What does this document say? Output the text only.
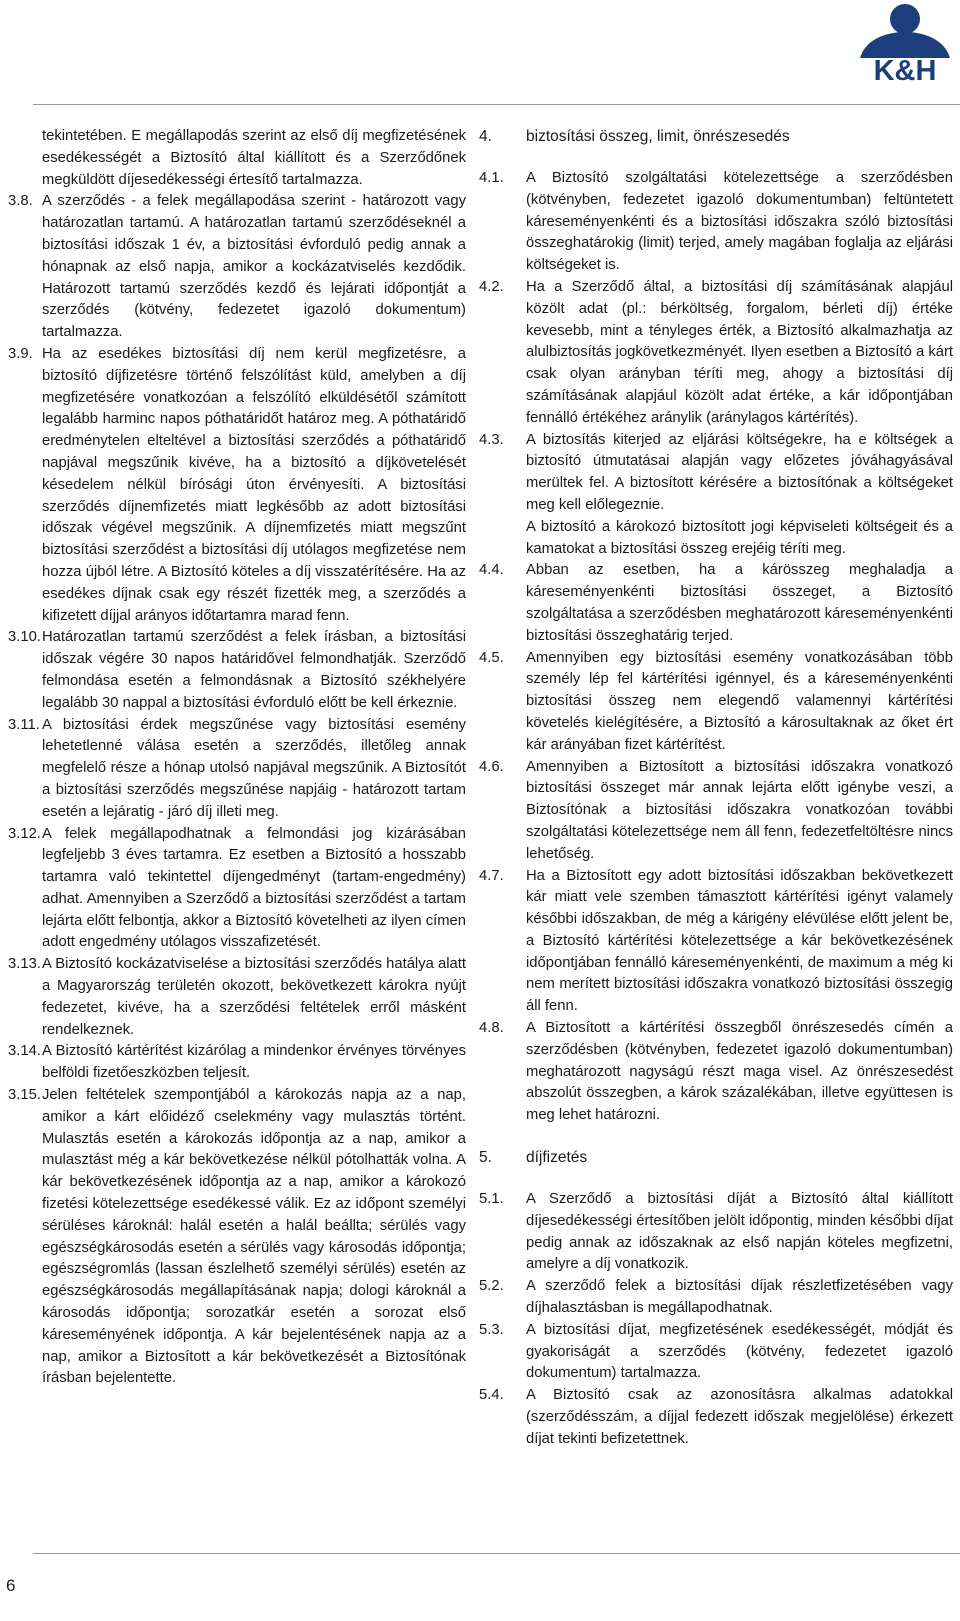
K&H
tekintetében. E megállapodás szerint az első díj megfizetésének esedékességét a Biztosító által kiállított és a Szerződőnek megküldött díjesedékességi értesítő tartalmazza.
3.8. A szerződés - a felek megállapodása szerint - határozott vagy határozatlan tartamú. A határozatlan tartamú szerződéseknél a biztosítási időszak 1 év, a biztosítási évforduló pedig annak a hónapnak az első napja, amikor a kockázatviselés kezdődik. Határozott tartamú szerződés kezdő és lejárati időpontját a szerződés (kötvény, fedezetet igazoló dokumentum) tartalmazza.
3.9. Ha az esedékes biztosítási díj nem kerül megfizetésre, a biztosító díjfizetésre történő felszólítást küld, amelyben a díj megfizetésére vonatkozóan a felszólító elküldésétől számított legalább harminc napos póthatáridőt határoz meg. A póthatáridő eredménytelen elteltével a biztosítási szerződés a póthatáridő napjával megszűnik kivéve, ha a biztosító a díjkövetelését késedelem nélkül bírósági úton érvényesíti. A biztosítási szerződés díjnemfizetés miatt legkésőbb az adott biztosítási időszak végével megszűnik. A díjnemfizetés miatt megszűnt biztosítási szerződést a biztosítási díj utólagos megfizetése nem hozza újból létre. A Biztosító köteles a díj visszatérítésére. Ha az esedékes díjnak csak egy részét fizették meg, a szerződés a kifizetett díjjal arányos időtartamra marad fenn.
3.10. Határozatlan tartamú szerződést a felek írásban, a biztosítási időszak végére 30 napos határidővel felmondhatják. Szerződő felmondása esetén a felmondásnak a Biztosító székhelyére legalább 30 nappal a biztosítási évforduló előtt be kell érkeznie.
3.11. A biztosítási érdek megszűnése vagy biztosítási esemény lehetetlenné válása esetén a szerződés, illetőleg annak megfelelő része a hónap utolsó napjával megszűnik. A Biztosítót a biztosítási szerződés megszűnése napjáig - határozott tartam esetén a lejáratig - járó díj illeti meg.
3.12. A felek megállapodhatnak a felmondási jog kizárásában legfeljebb 3 éves tartamra. Ez esetben a Biztosító a hosszabb tartamra való tekintettel díjengedményt (tartam-engedmény) adhat. Amennyiben a Szerződő a biztosítási szerződést a tartam lejárta előtt felbontja, akkor a Biztosító követelheti az ilyen címen adott engedmény utólagos visszafizetését.
3.13. A Biztosító kockázatviselése a biztosítási szerződés hatálya alatt a Magyarország területén okozott, bekövetkezett károkra nyújt fedezetet, kivéve, ha a szerződési feltételek erről másként rendelkeznek.
3.14. A Biztosító kártérítést kizárólag a mindenkor érvényes törvényes belföldi fizetőeszközben teljesít.
3.15. Jelen feltételek szempontjából a károkozás napja az a nap, amikor a kárt előidéző cselekmény vagy mulasztás történt. Mulasztás esetén a károkozás időpontja az a nap, amikor a mulasztást még a kár bekövetkezése nélkül pótolhatták volna. A kár bekövetkezésének időpontja az a nap, amikor a károkozó fizetési kötelezettsége esedékessé válik. Ez az időpont személyi sérüléses károknál: halál esetén a halál beállta; sérülés vagy egészségkárosodás esetén a sérülés vagy károsodás időpontja; egészségromlás (lassan észlelhető személyi sérülés) esetén az egészségkárosodás megállapításának napja; dologi károknál a károsodás időpontja; sorozatkár esetén a sorozat első káreseményének időpontja. A kár bejelentésének napja az a nap, amikor a Biztosított a kár bekövetkezését a Biztosítónak írásban bejelentette.
4. biztosítási összeg, limit, önrészesedés
4.1. A Biztosító szolgáltatási kötelezettsége a szerződésben (kötvényben, fedezetet igazoló dokumentumban) feltüntetett káreseményenkénti és a biztosítási időszakra szóló biztosítási összeghatárokig (limit) terjed, amely magában foglalja az eljárási költségeket is.
4.2. Ha a Szerződő által, a biztosítási díj számításának alapjául közölt adat (pl.: bérköltség, forgalom, bérleti díj) értéke kevesebb, mint a tényleges érték, a Biztosító alkalmazhatja az alulbiztosítás jogkövetkezményét. Ilyen esetben a Biztosító a kárt csak olyan arányban téríti meg, ahogy a biztosítási díj számításának alapjául közölt adat értéke, a kár időpontjában fennálló értékéhez aránylik (aránylagos kártérítés).
4.3. A biztosítás kiterjed az eljárási költségekre, ha e költségek a biztosító útmutatásai alapján vagy előzetes jóváhagyásával merültek fel. A biztosított kérésére a biztosítónak a költségeket meg kell előlegeznie.
A biztosító a károkozó biztosított jogi képviseleti költségeit és a kamatokat a biztosítási összeg erejéig téríti meg.
4.4. Abban az esetben, ha a kárösszeg meghaladja a káreseményenkénti biztosítási összeget, a Biztosító szolgáltatása a szerződésben meghatározott káreseményenkénti biztosítási összeghatárig terjed.
4.5. Amennyiben egy biztosítási esemény vonatkozásában több személy lép fel kártérítési igénnyel, és a káreseményenkénti biztosítási összeg nem elegendő valamennyi kártérítési követelés kielégítésére, a Biztosító a károsultaknak az őket ért kár arányában fizet kártérítést.
4.6. Amennyiben a Biztosított a biztosítási időszakra vonatkozó biztosítási összeget már annak lejárta előtt igénybe veszi, a Biztosítónak a biztosítási időszakra vonatkozóan további szolgáltatási kötelezettsége nem áll fenn, fedezetfeltöltésre nincs lehetőség.
4.7. Ha a Biztosított egy adott biztosítási időszakban bekövetkezett kár miatt vele szemben támasztott kártérítési igényt valamely későbbi időszakban, de még a kárigény elévülése előtt jelent be, a Biztosító kártérítési kötelezettsége a kár bekövetkezésének időpontjában fennálló káreseményenkénti, de maximum a még ki nem merített biztosítási időszakra vonatkozó biztosítási összegig áll fenn.
4.8. A Biztosított a kártérítési összegből önrészesedés címén a szerződésben (kötvényben, fedezetet igazoló dokumentumban) meghatározott nagyságú részt maga visel. Az önrészesedést abszolút összegben, a károk százalékában, illetve együttesen is meg lehet határozni.
5. díjfizetés
5.1. A Szerződő a biztosítási díját a Biztosító által kiállított díjesedékességi értesítőben jelölt időpontig, minden későbbi díjat pedig annak az időszaknak az első napján köteles megfizetni, amelyre a díj vonatkozik.
5.2. A szerződő felek a biztosítási díjak részletfizetésében vagy díjhalasztásban is megállapodhatnak.
5.3. A biztosítási díjat, megfizetésének esedékességét, módját és gyakoriságát a szerződés (kötvény, fedezetet igazoló dokumentum) tartalmazza.
5.4. A Biztosító csak az azonosításra alkalmas adatokkal (szerződésszám, a díjjal fedezett időszak megjelölése) érkezett díjat tekinti befizetettnek.
6
